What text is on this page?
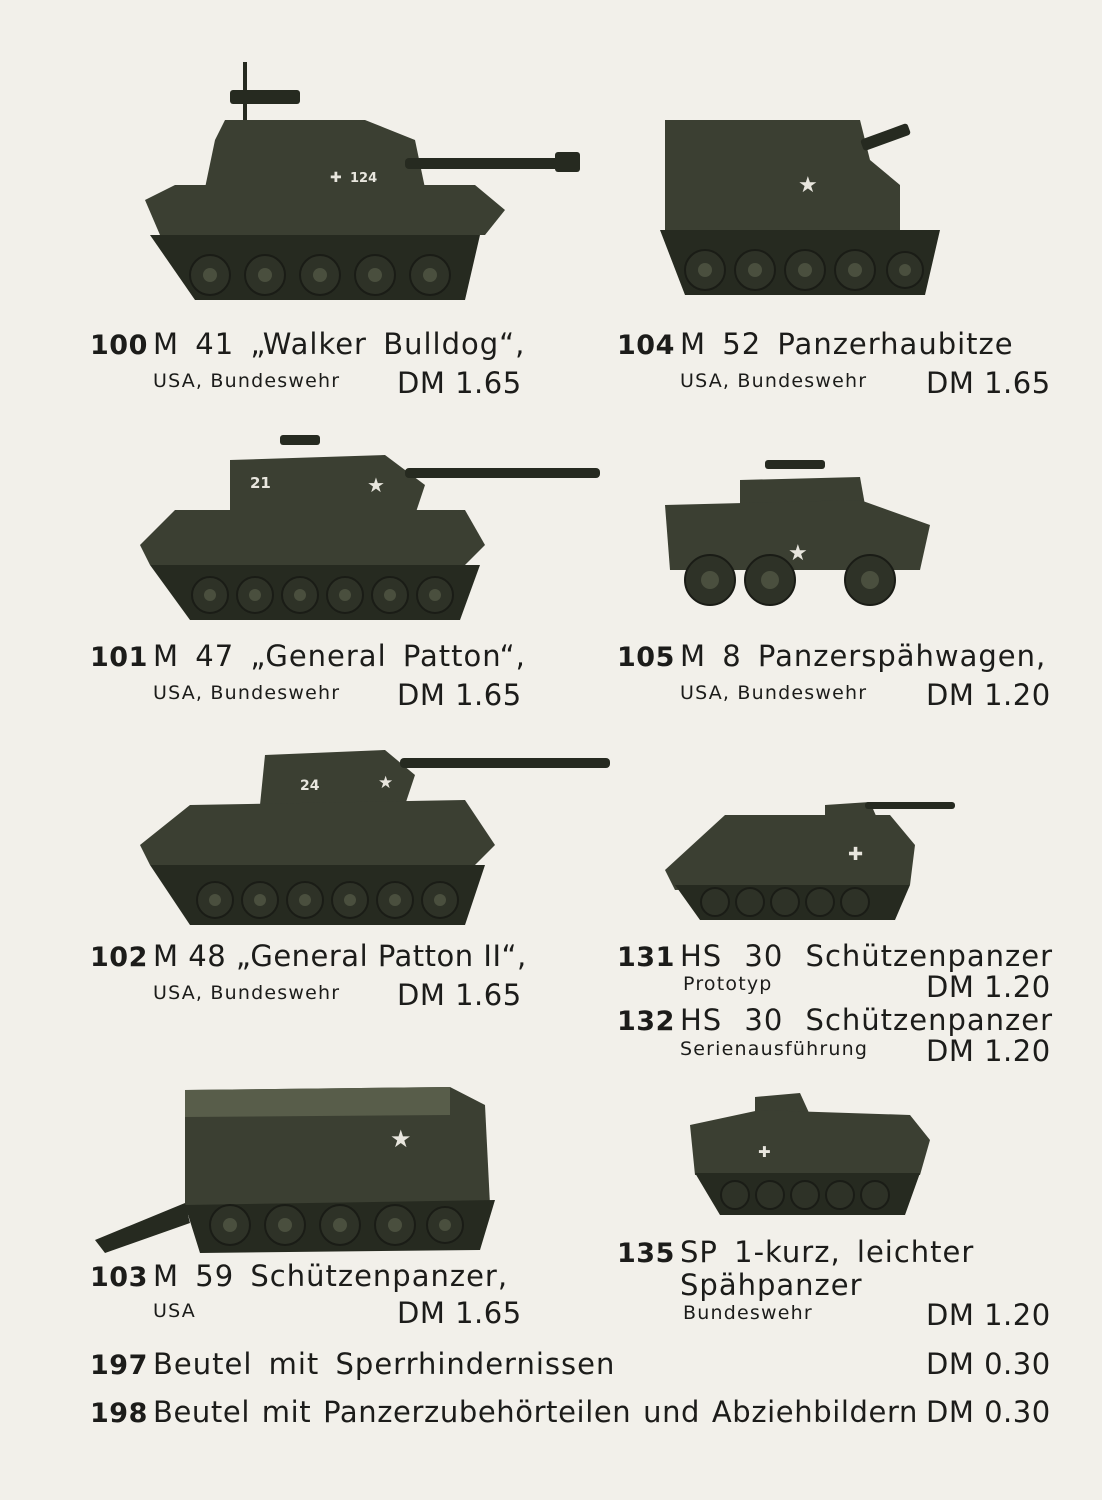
✚ 124	★
21	★
★
24	★
✚
★	✚
100 M 41 „Walker Bulldog“,
USA, Bundeswehr DM 1.65
104 M 52 Panzerhaubitze
USA, Bundeswehr DM 1.65
101 M 47 „General Patton“,
USA, Bundeswehr DM 1.65
105 M 8 Panzerspähwagen,
USA, Bundeswehr DM 1.20
102 M 48 „General Patton II“,
USA, Bundeswehr DM 1.65
131 HS 30 Schützenpanzer
Prototyp	DM 1.20
132 HS 30 Schützenpanzer
Serienausführung DM 1.20
103 M 59 Schützenpanzer,
USA	DM 1.65
135 SP 1-kurz, leichter
Spähpanzer
Bundeswehr	DM 1.20
197 Beutel mit Sperrhindernissen	DM 0.30
198 Beutel mit Panzerzubehörteilen und Abziehbildern DM 0.30
